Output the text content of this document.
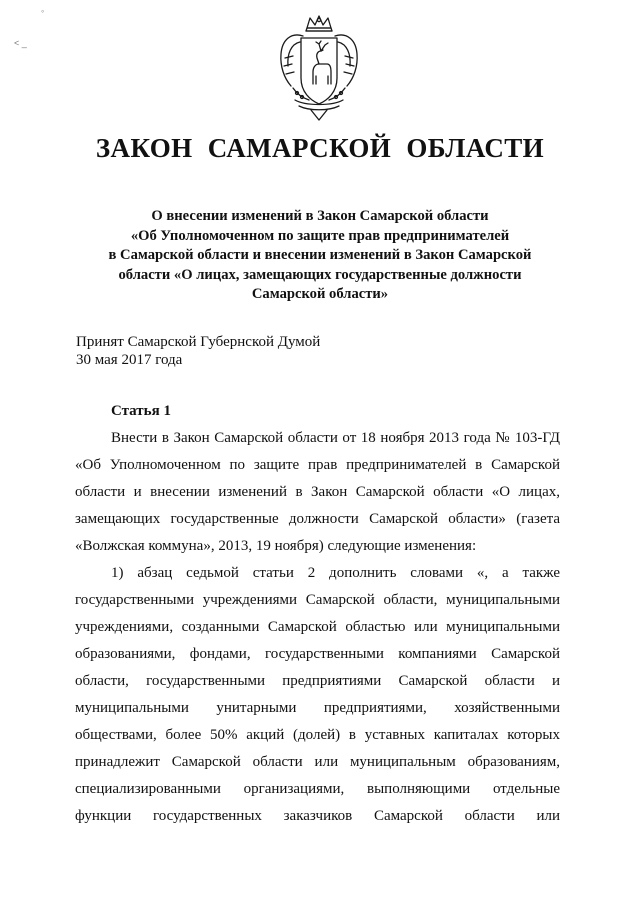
◦
< _
ЗАКОН САМАРСКОЙ ОБЛАСТИ
О внесении изменений в Закон Самарской области
«Об Уполномоченном по защите прав предпринимателей
в Самарской области и внесении изменений в Закон Самарской
области «О лицах, замещающих государственные должности
Самарской области»
Принят Самарской Губернской Думой
30 мая 2017 года
Статья 1

Внести в Закон Самарской области от 18 ноября 2013 года № 103-ГД «Об Уполномоченном по защите прав предпринимателей в Самарской области и внесении изменений в Закон Самарской области «О лицах, замещающих государственные должности Самарской области» (газета «Волжская коммуна», 2013, 19 ноября) следующие изменения:

1) абзац седьмой статьи 2 дополнить словами «, а также государственными учреждениями Самарской области, муниципальными учреждениями, созданными Самарской областью или муниципальными образованиями, фондами, государственными компаниями Самарской области, государственными предприятиями Самарской области и муниципальными унитарными предприятиями, хозяйственными обществами, более 50% акций (долей) в уставных капиталах которых принадлежит Самарской области или муниципальным образованиям, специализированными организациями, выполняющими отдельные функции государственных заказчиков Самарской области или
